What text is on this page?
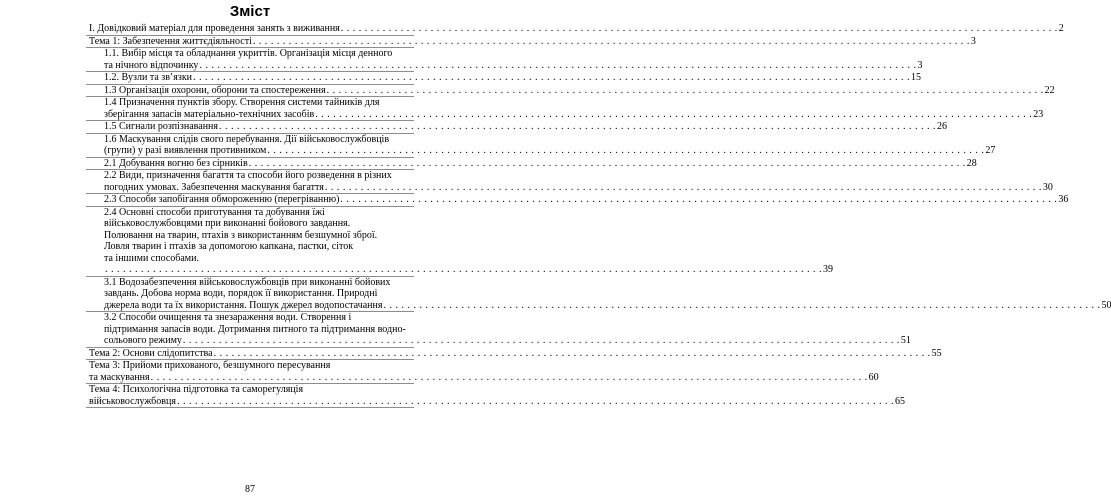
Зміст
І. Довідковий матеріал для проведення занять з виживання . . . . . . . . . . . . . . . . . . . . . . . . . . . . . . . . . . . . . . . . . . . . . . . . . . . . . . . . . . . . . . . . . . . . . . . . . . . . . . . . . . . . . . . . . . . . . . . . . . . . . . . . . . . . . . . . . . . . . . . . 2
Тема 1: Забезпечення життєдіяльності . . . . . . . . . . . . . . . . . . . . . . . . . . . . . . . . . . . . . . . . . . . . . . . . . . . . . . . . . . . . . . . . . . . . . . . . . . . . . . . . . . . . . . . . . . . . . . . . . . . . . . . . . . . . . . . . . . . . . . . . 3
1.1. Вибір місця та обладнання укриттів. Організація місця денного
та нічного відпочинку . . . . . . . . . . . . . . . . . . . . . . . . . . . . . . . . . . . . . . . . . . . . . . . . . . . . . . . . . . . . . . . . . . . . . . . . . . . . . . . . . . . . . . . . . . . . . . . . . . . . . . . . . . . . . . . . . . . . . . . . 3
1.2. Вузли та зв’язки . . . . . . . . . . . . . . . . . . . . . . . . . . . . . . . . . . . . . . . . . . . . . . . . . . . . . . . . . . . . . . . . . . . . . . . . . . . . . . . . . . . . . . . . . . . . . . . . . . . . . . . . . . . . . . . . . . . . . . . . 15
1.3 Організація охорони, оборони та спостереження . . . . . . . . . . . . . . . . . . . . . . . . . . . . . . . . . . . . . . . . . . . . . . . . . . . . . . . . . . . . . . . . . . . . . . . . . . . . . . . . . . . . . . . . . . . . . . . . . . . . . . . . . . . . . . . . . . . . . . . . 22
1.4 Призначення пунктів збору. Створення системи тайників для
зберігання запасів матеріально-технічних засобів . . . . . . . . . . . . . . . . . . . . . . . . . . . . . . . . . . . . . . . . . . . . . . . . . . . . . . . . . . . . . . . . . . . . . . . . . . . . . . . . . . . . . . . . . . . . . . . . . . . . . . . . . . . . . . . . . . . . . . . . 23
1.5 Сигнали розпізнавання . . . . . . . . . . . . . . . . . . . . . . . . . . . . . . . . . . . . . . . . . . . . . . . . . . . . . . . . . . . . . . . . . . . . . . . . . . . . . . . . . . . . . . . . . . . . . . . . . . . . . . . . . . . . . . . . . . . . . . . . 26
1.6 Маскування слідів свого перебування. Дії військовослужбовців
(групи) у разі виявлення противником . . . . . . . . . . . . . . . . . . . . . . . . . . . . . . . . . . . . . . . . . . . . . . . . . . . . . . . . . . . . . . . . . . . . . . . . . . . . . . . . . . . . . . . . . . . . . . . . . . . . . . . . . . . . . . . . . . . . . . . . 27
2.1 Добування вогню без сірників . . . . . . . . . . . . . . . . . . . . . . . . . . . . . . . . . . . . . . . . . . . . . . . . . . . . . . . . . . . . . . . . . . . . . . . . . . . . . . . . . . . . . . . . . . . . . . . . . . . . . . . . . . . . . . . . . . . . . . . . 28
2.2 Види, призначення багаття та способи його розведення в різних
погодних умовах. Забезпечення маскування багаття . . . . . . . . . . . . . . . . . . . . . . . . . . . . . . . . . . . . . . . . . . . . . . . . . . . . . . . . . . . . . . . . . . . . . . . . . . . . . . . . . . . . . . . . . . . . . . . . . . . . . . . . . . . . . . . . . . . . . . . . 30
2.3 Способи запобігання обмороженню (перегріванню) . . . . . . . . . . . . . . . . . . . . . . . . . . . . . . . . . . . . . . . . . . . . . . . . . . . . . . . . . . . . . . . . . . . . . . . . . . . . . . . . . . . . . . . . . . . . . . . . . . . . . . . . . . . . . . . . . . . . . . . . 36
2.4 Основні способи приготування та добування їжі
військовослужбовцями при виконанні бойового завдання.
Полювання на тварин, птахів з використанням безшумної зброї.
Ловля тварин і птахів за допомогою капкана, пастки, сіток
та іншими способами.
. . . . . . . . . . . . . . . . . . . . . . . . . . . . . . . . . . . . . . . . . . . . . . . . . . . . . . . . . . . . . . . . . . . . . . . . . . . . . . . . . . . . . . . . . . . . . . . . . . . . . . . . . . . . . . . . . . . . . . . . 39
3.1 Водозабезпечення військовослужбовців при виконанні бойових
завдань. Добова норма води, порядок її використання. Природні
джерела води та їх використання. Пошук джерел водопостачання . . . . . . . . . . . . . . . . . . . . . . . . . . . . . . . . . . . . . . . . . . . . . . . . . . . . . . . . . . . . . . . . . . . . . . . . . . . . . . . . . . . . . . . . . . . . . . . . . . . . . . . . . . . . . . . . . . . . . . . . 50
3.2 Способи очищення та знезараження води. Створення і
підтримання запасів води. Дотримання питного та підтримання водно-
сольового режиму . . . . . . . . . . . . . . . . . . . . . . . . . . . . . . . . . . . . . . . . . . . . . . . . . . . . . . . . . . . . . . . . . . . . . . . . . . . . . . . . . . . . . . . . . . . . . . . . . . . . . . . . . . . . . . . . . . . . . . . . 51
Тема 2: Основи слідопитства . . . . . . . . . . . . . . . . . . . . . . . . . . . . . . . . . . . . . . . . . . . . . . . . . . . . . . . . . . . . . . . . . . . . . . . . . . . . . . . . . . . . . . . . . . . . . . . . . . . . . . . . . . . . . . . . . . . . . . . . 55
Тема 3: Прийоми прихованого, безшумного пересування
та маскування . . . . . . . . . . . . . . . . . . . . . . . . . . . . . . . . . . . . . . . . . . . . . . . . . . . . . . . . . . . . . . . . . . . . . . . . . . . . . . . . . . . . . . . . . . . . . . . . . . . . . . . . . . . . . . . . . . . . . . . . 60
Тема 4: Психологічна підготовка та саморегуляція
військовослужбовця . . . . . . . . . . . . . . . . . . . . . . . . . . . . . . . . . . . . . . . . . . . . . . . . . . . . . . . . . . . . . . . . . . . . . . . . . . . . . . . . . . . . . . . . . . . . . . . . . . . . . . . . . . . . . . . . . . . . . . . . 65
87
